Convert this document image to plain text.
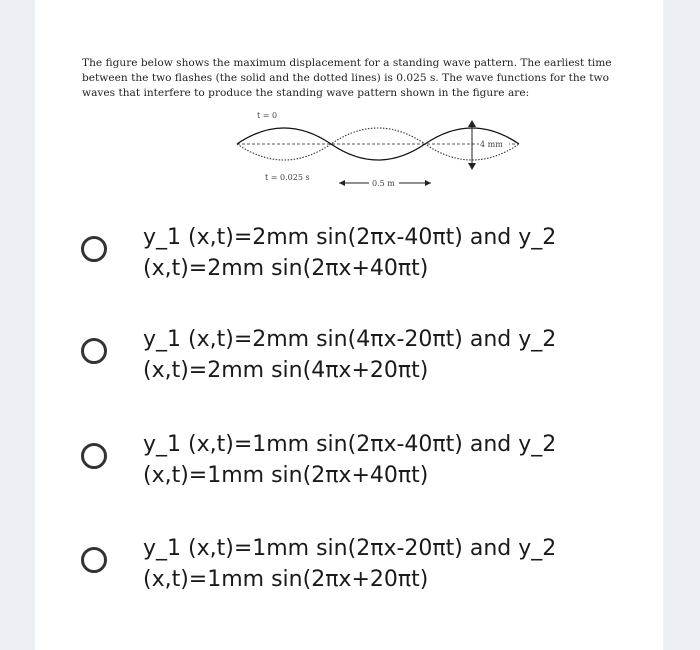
The figure below shows the maximum displacement for a standing wave pattern. The earliest time between the two flashes (the solid and the dotted lines) is 0.025 s. The wave functions for the two waves that interfere to produce the standing wave pattern shown in the figure are:
t = 0
4 mm
t = 0.025 s
0.5 m
y_1 (x,t)=2mm sin(2πx-40πt) and y_2 (x,t)=2mm sin(2πx+40πt)
y_1 (x,t)=2mm sin(4πx-20πt) and y_2 (x,t)=2mm sin(4πx+20πt)
y_1 (x,t)=1mm sin(2πx-40πt) and y_2 (x,t)=1mm sin(2πx+40πt)
y_1 (x,t)=1mm sin(2πx-20πt) and y_2 (x,t)=1mm sin(2πx+20πt)
